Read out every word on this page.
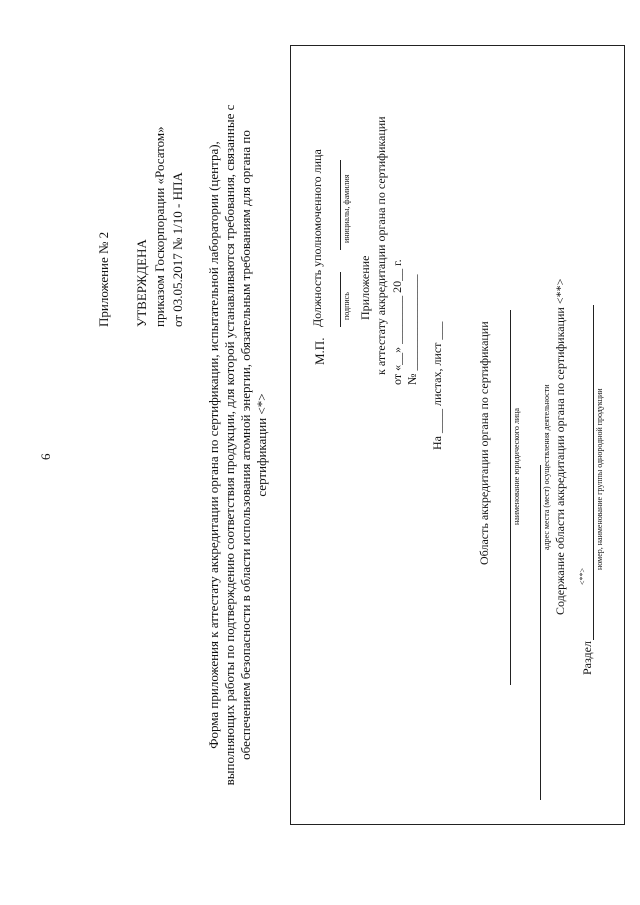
6
Приложение № 2 УТВЕРЖДЕНА приказом Госкорпорации «Росатом» от 03.05.2017 № 1/10 - НПА Форма приложения к аттестату аккредитации органа по сертификации, испытательной лаборатории (центра), выполняющих работы по подтверждению соответствия продукции, для которой устанавливаются требования, связанные с обеспечением безопасности в области использования атомной энергии, обязательным требованиям для органа по сертификации <*>
Должность уполномоченного лица подпись
инициалы, фамилия
М.П.
Приложение к аттестату аккредитации органа по сертификации от «__» ________ 20__ г. № ________________ На ____ листах, лист ___	Область аккредитации органа по сертификации	наименование юридического лица	адрес места (мест) осуществления деятельности Содержание области аккредитации органа по сертификации <**>
Раздел
<**>
номер, наименование группы однородной продукции
